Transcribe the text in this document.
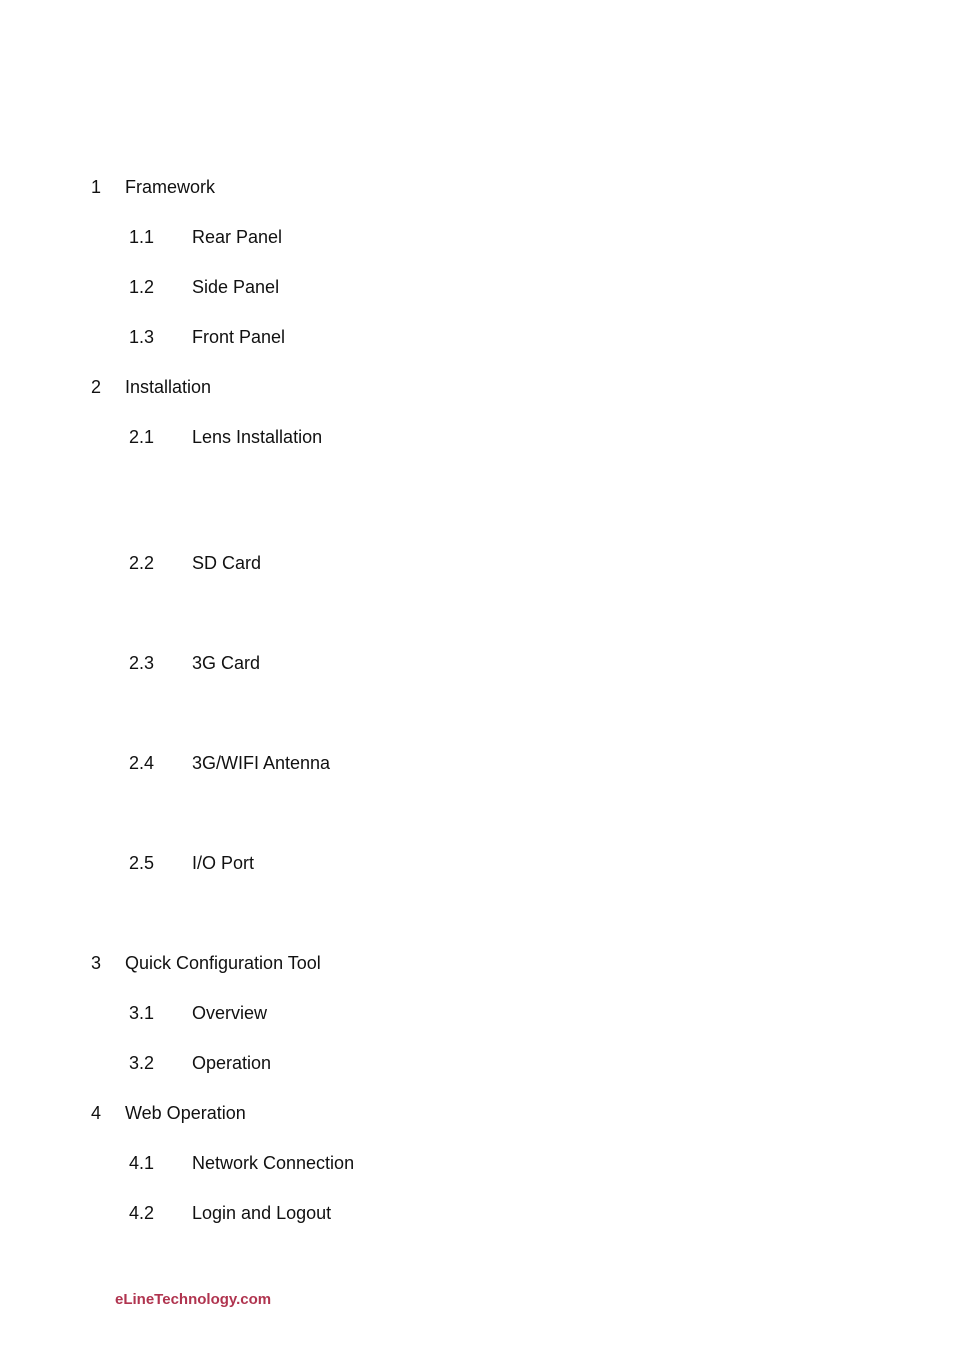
1 Framework
1.1 Rear Panel
1.2 Side Panel
1.3 Front Panel
2 Installation
2.1 Lens Installation
2.2 SD Card
2.3 3G Card
2.4 3G/WIFI Antenna
2.5 I/O Port
3 Quick Configuration Tool
3.1 Overview
3.2 Operation
4 Web Operation
4.1 Network Connection
4.2 Login and Logout
eLineTechnology.com
